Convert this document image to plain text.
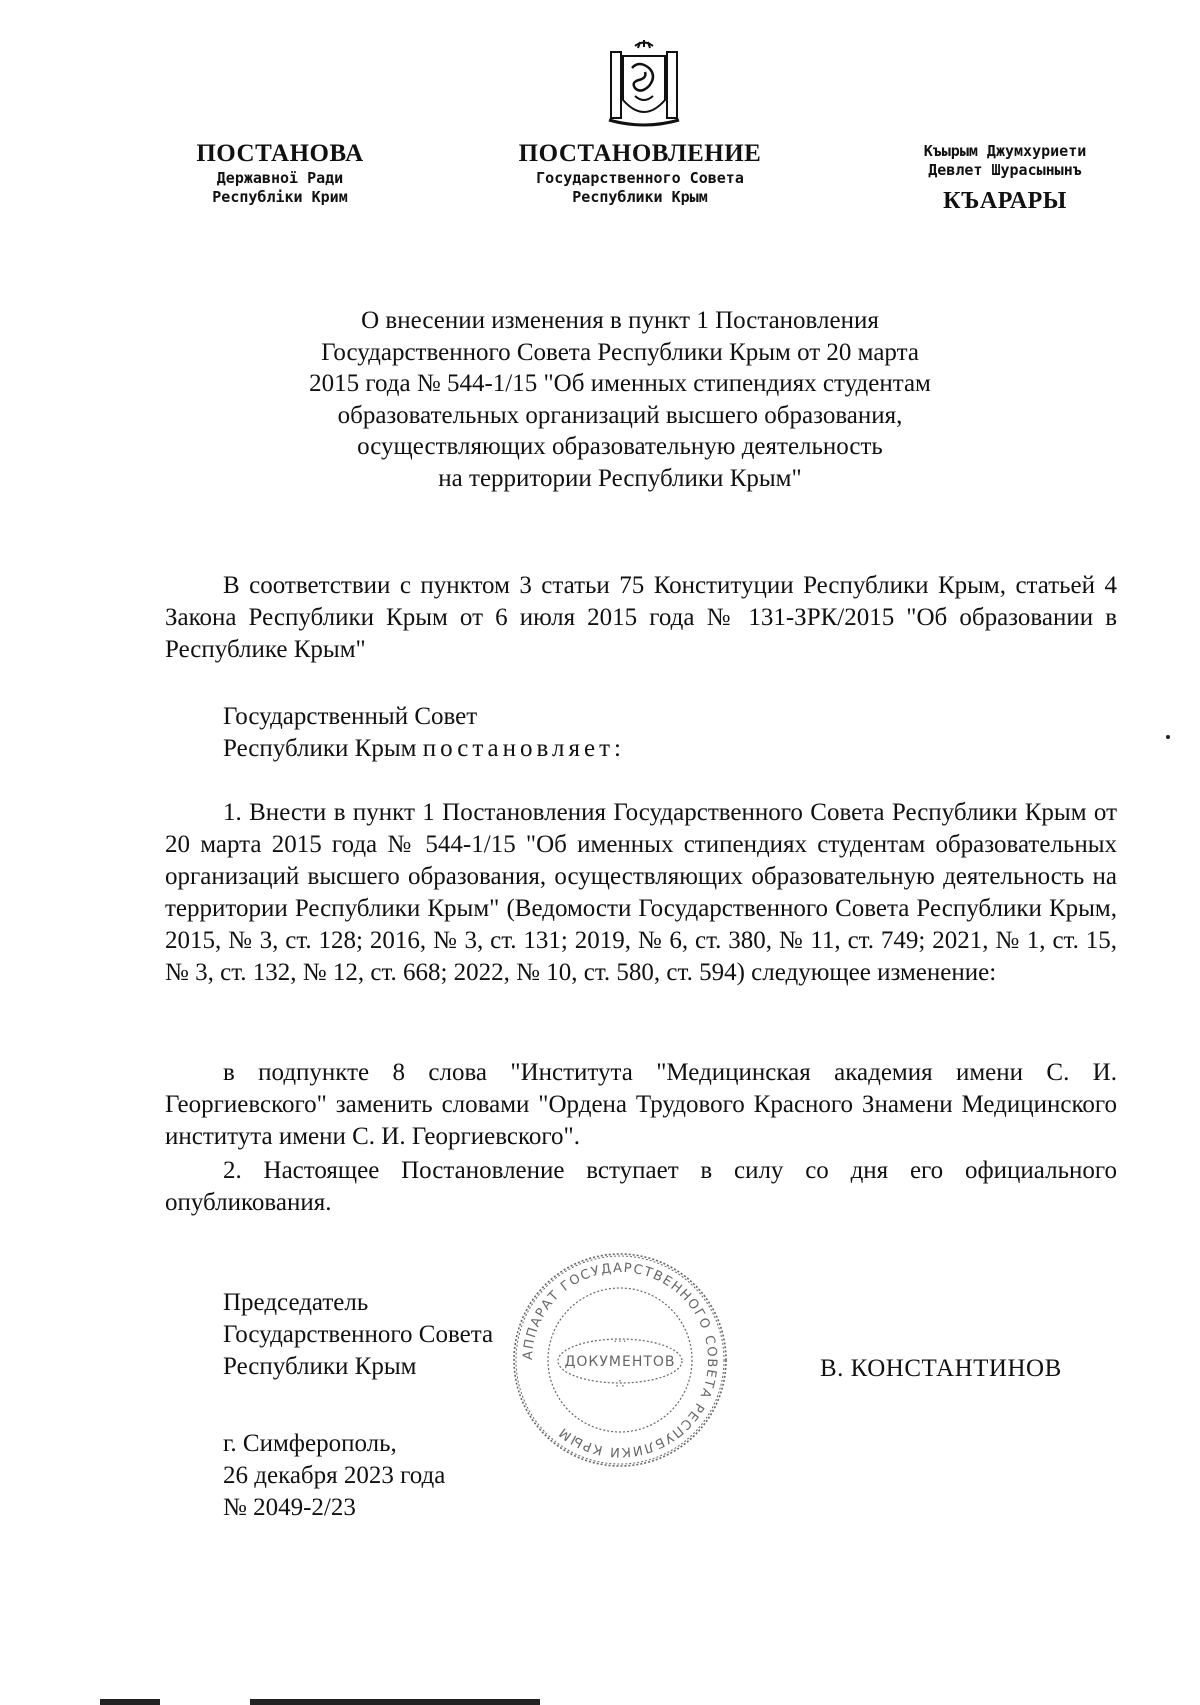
ПОСТАНОВА
Державної Ради
Республіки Крим
ПОСТАНОВЛЕНИЕ
Государственного Совета
Республики Крым
Къырым Джумхуриети
Девлет Шурасынынъ
КЪАРАРЫ
О внесении изменения в пункт 1 Постановления
Государственного Совета Республики Крым от 20 марта
2015 года № 544-1/15 "Об именных стипендиях студентам
образовательных организаций высшего образования,
осуществляющих образовательную деятельность
на территории Республики Крым"
В соответствии с пунктом 3 статьи 75 Конституции Республики Крым, статьей 4 Закона Республики Крым от 6 июля 2015 года № 131-ЗРК/2015 "Об образовании в Республике Крым"
Государственный Совет
Республики Крым постановляет:
1. Внести в пункт 1 Постановления Государственного Совета Республики Крым от 20 марта 2015 года № 544-1/15 "Об именных стипендиях студентам образовательных организаций высшего образования, осуществляющих образовательную деятельность на территории Республики Крым" (Ведомости Государственного Совета Республики Крым, 2015, № 3, ст. 128; 2016, № 3, ст. 131; 2019, № 6, ст. 380, № 11, ст. 749; 2021, № 1, ст. 15, № 3, ст. 132, № 12, ст. 668; 2022, № 10, ст. 580, ст. 594) следующее изменение:
в подпункте 8 слова "Института "Медицинская академия имени С. И. Георгиевского" заменить словами "Ордена Трудового Красного Знамени Медицинского института имени С. И. Георгиевского".
2. Настоящее Постановление вступает в силу со дня его официального опубликования.
АППАРАТ ГОСУДАРСТВЕННОГО СОВЕТА РЕСПУБЛИКИ КРЫМ
ДОКУМЕНТОВ
…
∴
Председатель
Государственного Совета
Республики Крым	В. КОНСТАНТИНОВ
г. Симферополь,
26 декабря 2023 года
№ 2049-2/23
